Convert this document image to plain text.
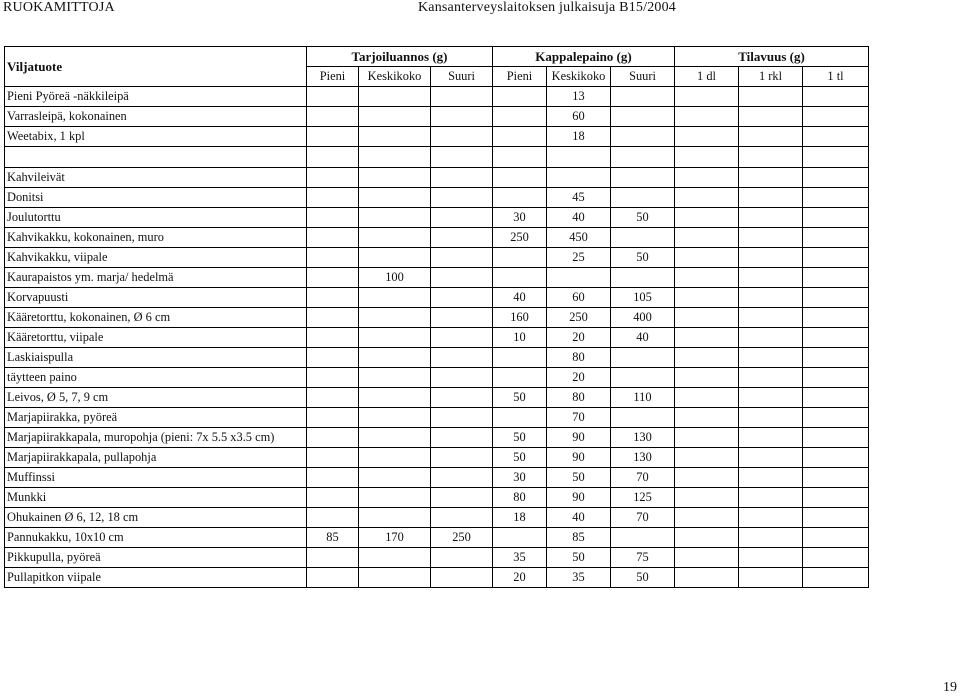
RUOKAMITTOJA	Kansanterveyslaitoksen julkaisuja B15/2004
Viljatuote	Tarjoiluannos (g)			Kappalepaino (g)			Tilavuus (g)		
	Pieni	Keskikoko	Suuri	Pieni	Keskikoko	Suuri	1 dl	1 rkl	1 tl
Pieni Pyöreä -näkkileipä					13				
Varrasleipä, kokonainen					60				
Weetabix, 1 kpl					18				

Kahvileivät									
Donitsi					45				
Joulutorttu				30	40	50			
Kahvikakku, kokonainen, muro				250	450				
Kahvikakku, viipale					25	50			
Kaurapaistos ym. marja/ hedelmä		100							
Korvapuusti				40	60	105			
Kääretorttu, kokonainen, Ø 6 cm				160	250	400			
Kääretorttu, viipale				10	20	40			
Laskiaispulla					80				
täytteen paino					20				
Leivos, Ø 5, 7, 9 cm				50	80	110			
Marjapiirakka, pyöreä					70				
Marjapiirakkapala, muropohja (pieni: 7x 5.5 x3.5 cm)				50	90	130			
Marjapiirakkapala, pullapohja				50	90	130			
Muffinssi				30	50	70			
Munkki				80	90	125			
Ohukainen Ø 6, 12, 18 cm				18	40	70			
Pannukakku, 10x10 cm	85	170	250		85				
Pikkupulla, pyöreä				35	50	75			
Pullapitkon viipale				20	35	50			
19
